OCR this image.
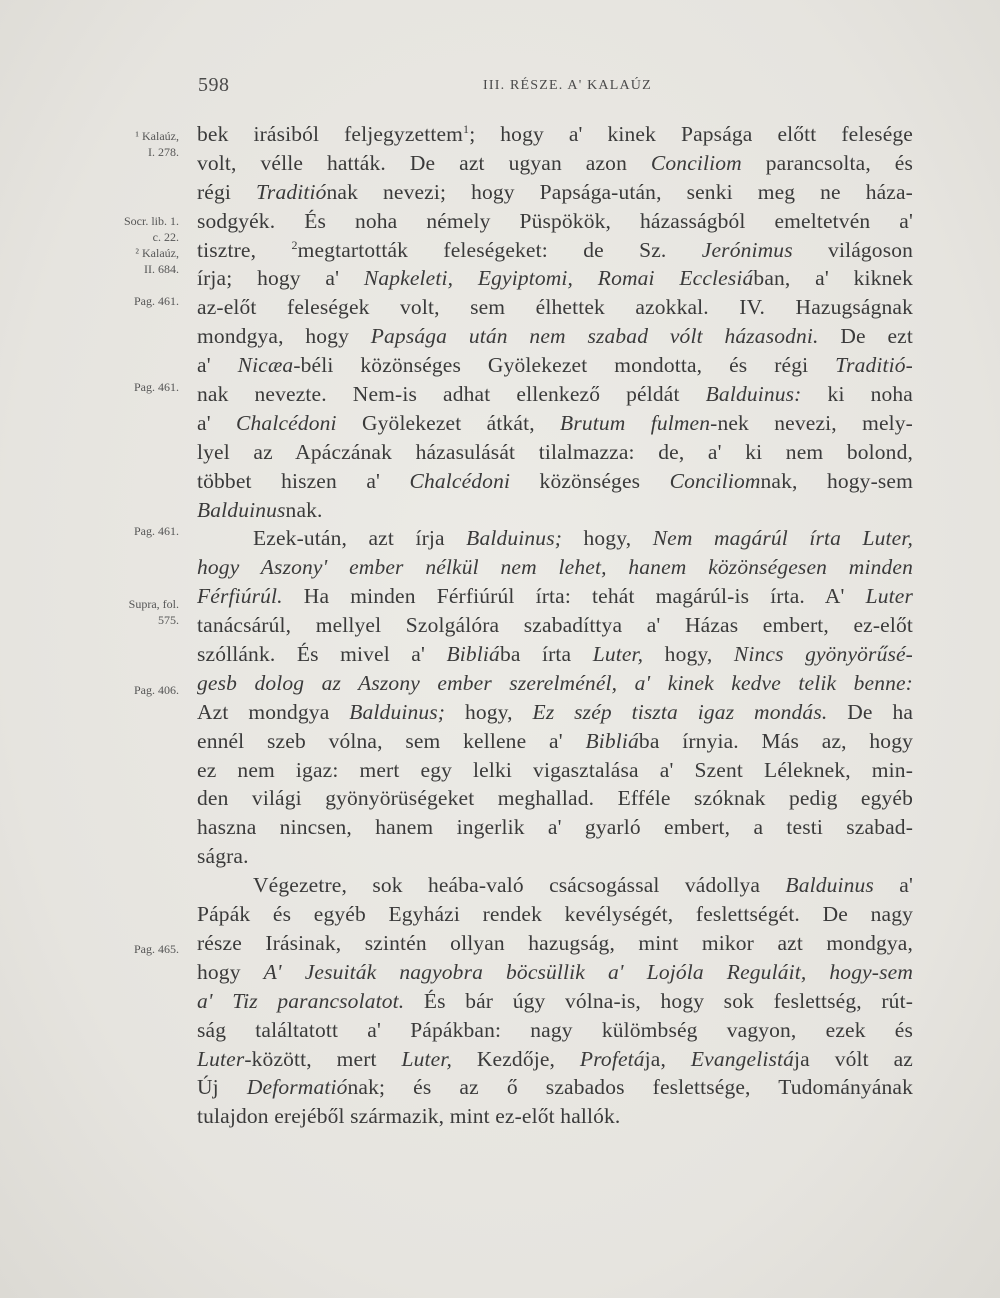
598	III. RÉSZE. A' KALAÚZ
¹ Kalaúz,
I. 278.
Socr. lib. 1.
c. 22.
² Kalaúz,
II. 684.
Pag. 461.
Pag. 461.
Pag. 461.
Supra, fol.
575.
Pag. 406.
Pag. 465.
bek irásiból feljegyzettem$^1$; hogy a' kinek Papsága előtt felesége
volt, vélle hatták. De azt ugyan azon Conciliom parancsolta, és
régi Traditiónak nevezi; hogy Papsága-után, senki meg ne háza-
sodgyék. És noha némely Püspökök, házasságból emeltetvén a'
tisztre, $^2$megtartották feleségeket: de Sz. Jerónimus világoson
írja; hogy a' Napkeleti, Egyiptomi, Romai Ecclesiában, a' kiknek
az-előt feleségek volt, sem élhettek azokkal. IV. Hazugságnak
mondgya, hogy Papsága után nem szabad vólt házasodni. De ezt
a' Nicæa-béli közönséges Gyölekezet mondotta, és régi Traditió-
nak nevezte. Nem-is adhat ellenkező példát Balduinus: ki noha
a' Chalcédoni Gyölekezet átkát, Brutum fulmen-nek nevezi, mely-
lyel az Apáczának házasulását tilalmazza: de, a' ki nem bolond,
többet hiszen a' Chalcédoni közönséges Conciliomnak, hogy-sem
Balduinusnak.
Ezek-után, azt írja Balduinus; hogy, Nem magárúl írta Luter,
hogy Aszony' ember nélkül nem lehet, hanem közönségesen minden
Férfiúrúl. Ha minden Férfiúrúl írta: tehát magárúl-is írta. A' Luter
tanácsárúl, mellyel Szolgálóra szabadíttya a' Házas embert, ez-előt
szóllánk. És mivel a' Bibliába írta Luter, hogy, Nincs gyönyörűsé-
gesb dolog az Aszony ember szerelménél, a' kinek kedve telik benne:
Azt mondgya Balduinus; hogy, Ez szép tiszta igaz mondás. De ha
ennél szeb vólna, sem kellene a' Bibliába írnyia. Más az, hogy
ez nem igaz: mert egy lelki vigasztalása a' Szent Léleknek, min-
den világi gyönyörüségeket meghallad. Efféle szóknak pedig egyéb
haszna nincsen, hanem ingerlik a' gyarló embert, a testi szabad-
ságra.
Végezetre, sok heába-való csácsogással vádollya Balduinus a'
Pápák és egyéb Egyházi rendek kevélységét, feslettségét. De nagy
része Irásinak, szintén ollyan hazugság, mint mikor azt mondgya,
hogy A' Jesuiták nagyobra böcsüllik a' Lojóla Reguláit, hogy-sem
a' Tiz parancsolatot. És bár úgy vólna-is, hogy sok feslettség, rút-
ság találtatott a' Pápákban: nagy külömbség vagyon, ezek és
Luter-között, mert Luter, Kezdője, Profetája, Evangelistája vólt az
Új Deformatiónak; és az ő szabados feslettsége, Tudományának
tulajdon erejéből származik, mint ez-előt hallók.
